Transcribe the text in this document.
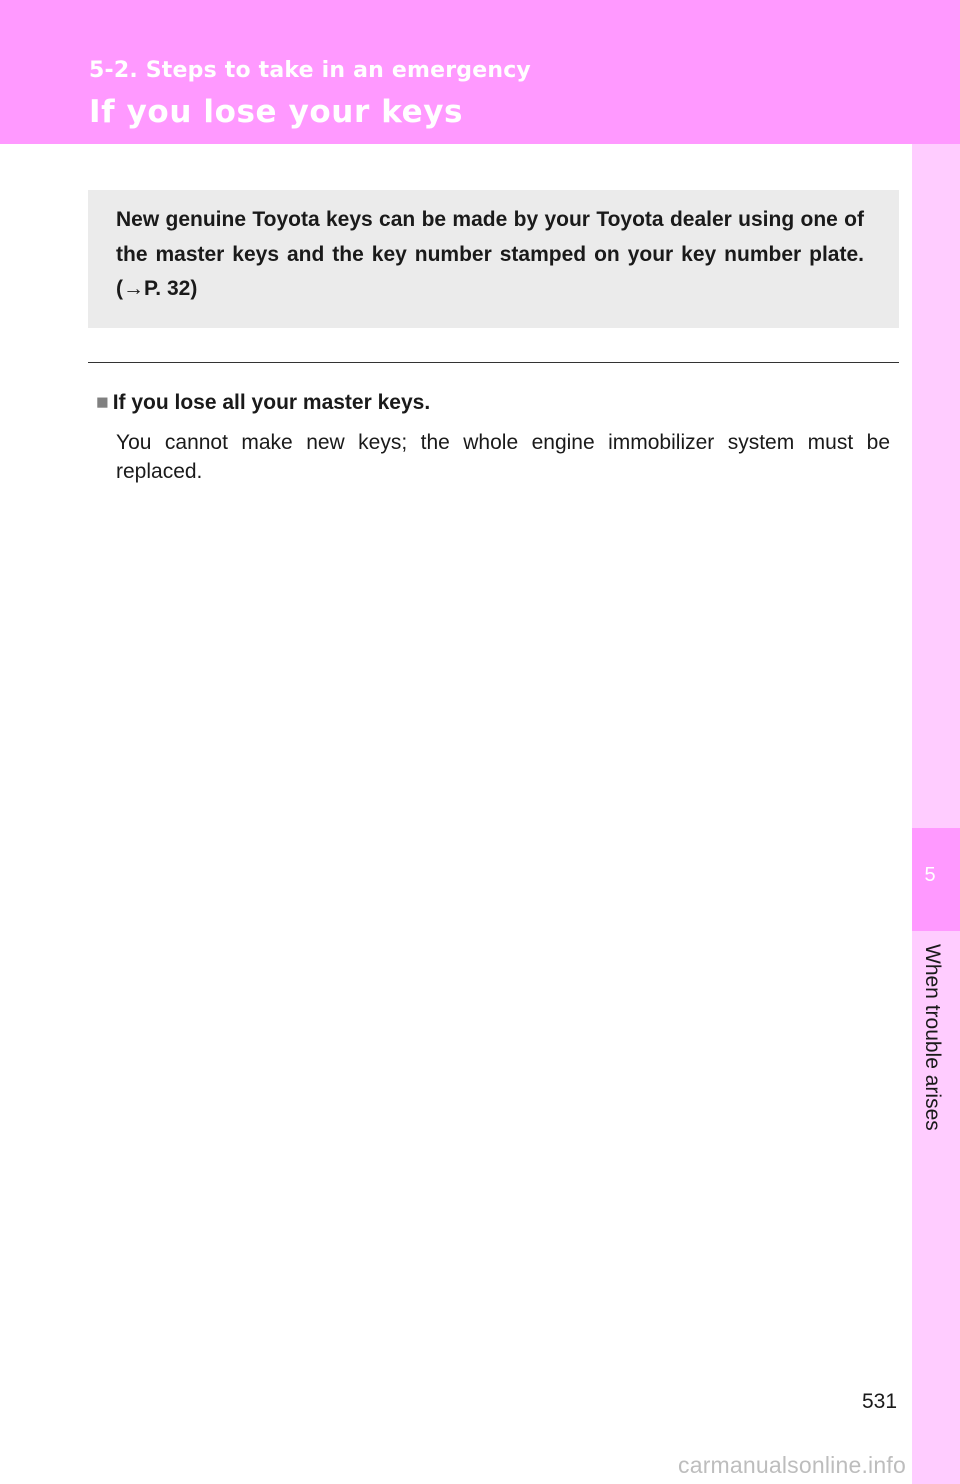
5-2. Steps to take in an emergency
If you lose your keys
5
When trouble arises
New genuine Toyota keys can be made by your Toyota dealer using one of the master keys and the key number stamped on your key number plate. (→P. 32)
■ If you lose all your master keys.
You cannot make new keys; the whole engine immobilizer system must be replaced.
531
carmanualsonline.info
